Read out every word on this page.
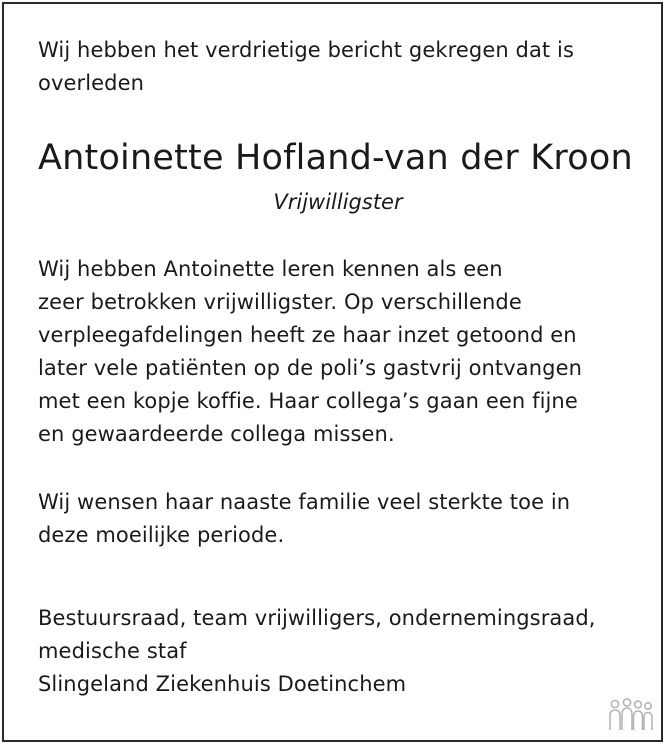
Wij hebben het verdrietige bericht gekregen dat is
overleden

Antoinette Hofland-van der Kroon

Vrijwilligster

Wij hebben Antoinette leren kennen als een
zeer betrokken vrijwilligster. Op verschillende
verpleegafdelingen heeft ze haar inzet getoond en
later vele patiënten op de poli’s gastvrij ontvangen
met een kopje koffie. Haar collega’s gaan een fijne
en gewaardeerde collega missen.

Wij wensen haar naaste familie veel sterkte toe in
deze moeilijke periode.

Bestuursraad, team vrijwilligers, ondernemingsraad,
medische staf
Slingeland Ziekenhuis Doetinchem
